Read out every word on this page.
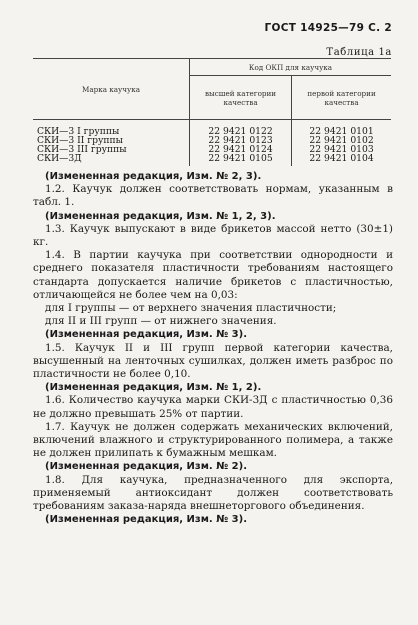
ГОСТ 14925—79 С. 2
Таблица 1а
Марка каучука	Код ОКП для каучука	
	высшей категории качества	первой категории качества
СКИ—3 I группы	22 9421 0122	22 9421 0101
СКИ—3 II группы	22 9421 0123	22 9421 0102
СКИ—3 III группы	22 9421 0124	22 9421 0103
СКИ—3Д	22 9421 0105	22 9421 0104

(Измененная редакция, Изм. № 2, 3).

1.2. Каучук должен соответствовать нормам, указанным в табл. 1.

(Измененная редакция, Изм. № 1, 2, 3).

1.3. Каучук выпускают в виде брикетов массой нетто (30±1) кг.

1.4. В партии каучука при соответствии однородности и среднего показателя пластичности требованиям настоящего стандарта допускается наличие брикетов с пластичностью, отличающейся не более чем на 0,03:

для I группы — от верхнего значения пластичности;

для II и III групп — от нижнего значения.

(Измененная редакция, Изм. № 3).

1.5. Каучук II и III групп первой категории качества, высушенный на ленточных сушилках, должен иметь разброс по пластичности не более 0,10.

(Измененная редакция, Изм. № 1, 2).

1.6. Количество каучука марки СКИ-3Д с пластичностью 0,36 не должно превышать 25% от партии.

1.7. Каучук не должен содержать механических включений, включений влажного и структурированного полимера, а также не должен прилипать к бумажным мешкам.

(Измененная редакция, Изм. № 2).

1.8. Для каучука, предназначенного для экспорта, применяемый антиоксидант должен соответствовать требованиям заказа-наряда внешнеторгового объединения.

(Измененная редакция, Изм. № 3).
